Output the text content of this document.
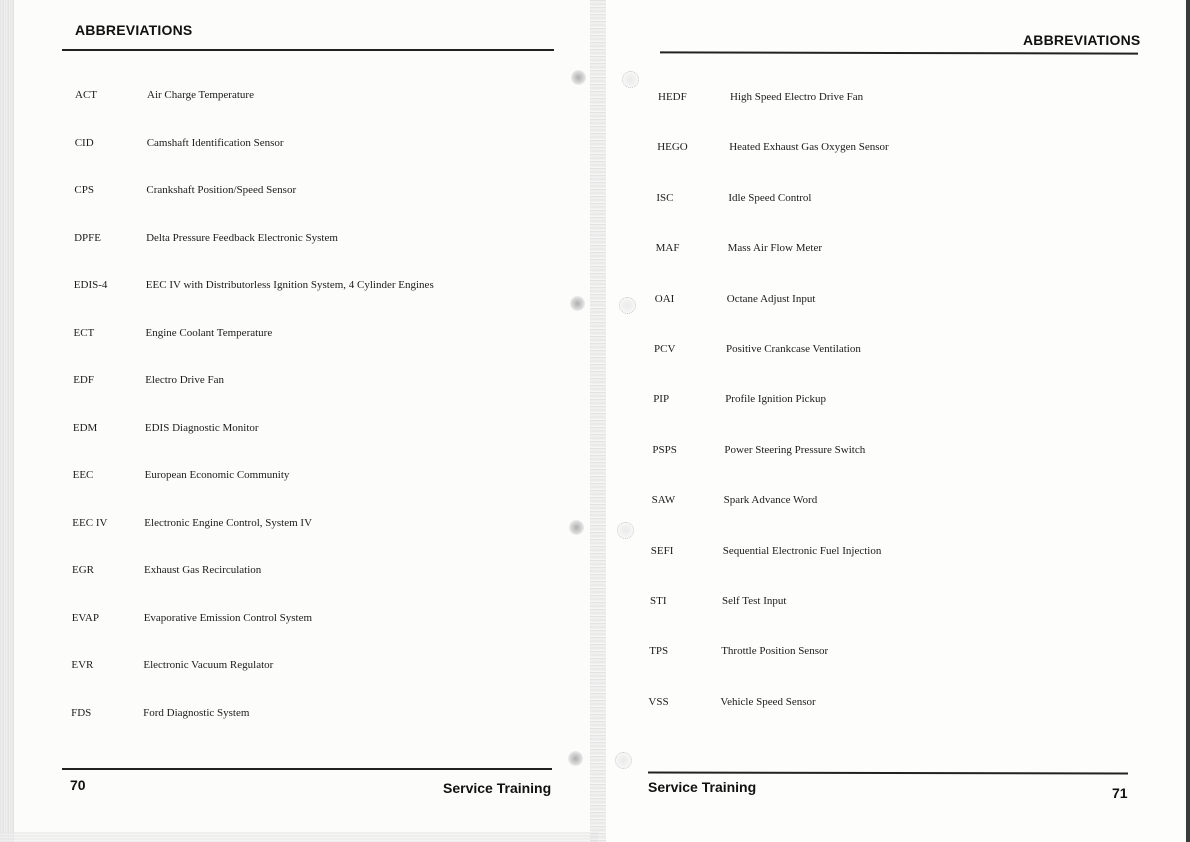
ABBREVIATIONS
ACT	Air Charge Temperature
CID	Camshaft Identification Sensor
CPS	Crankshaft Position/Speed Sensor
DPFE	Delta Pressure Feedback Electronic System
EDIS-4	EEC IV with Distributorless Ignition System, 4 Cylinder Engines
ECT	Engine Coolant Temperature
EDF	Electro Drive Fan
EDM	EDIS Diagnostic Monitor
EEC	European Economic Community
EEC IV	Electronic Engine Control, System IV
EGR	Exhaust Gas Recirculation
EVAP	Evaporative Emission Control System
EVR	Electronic Vacuum Regulator
FDS	Ford Diagnostic System
70	Service Training
ABBREVIATIONS
HEDF	High Speed Electro Drive Fan
HEGO	Heated Exhaust Gas Oxygen Sensor
ISC	Idle Speed Control
MAF	Mass Air Flow Meter
OAI	Octane Adjust Input
PCV	Positive Crankcase Ventilation
PIP	Profile Ignition Pickup
PSPS	Power Steering Pressure Switch
SAW	Spark Advance Word
SEFI	Sequential Electronic Fuel Injection
STI	Self Test Input
TPS	Throttle Position Sensor
VSS	Vehicle Speed Sensor
Service Training	71
